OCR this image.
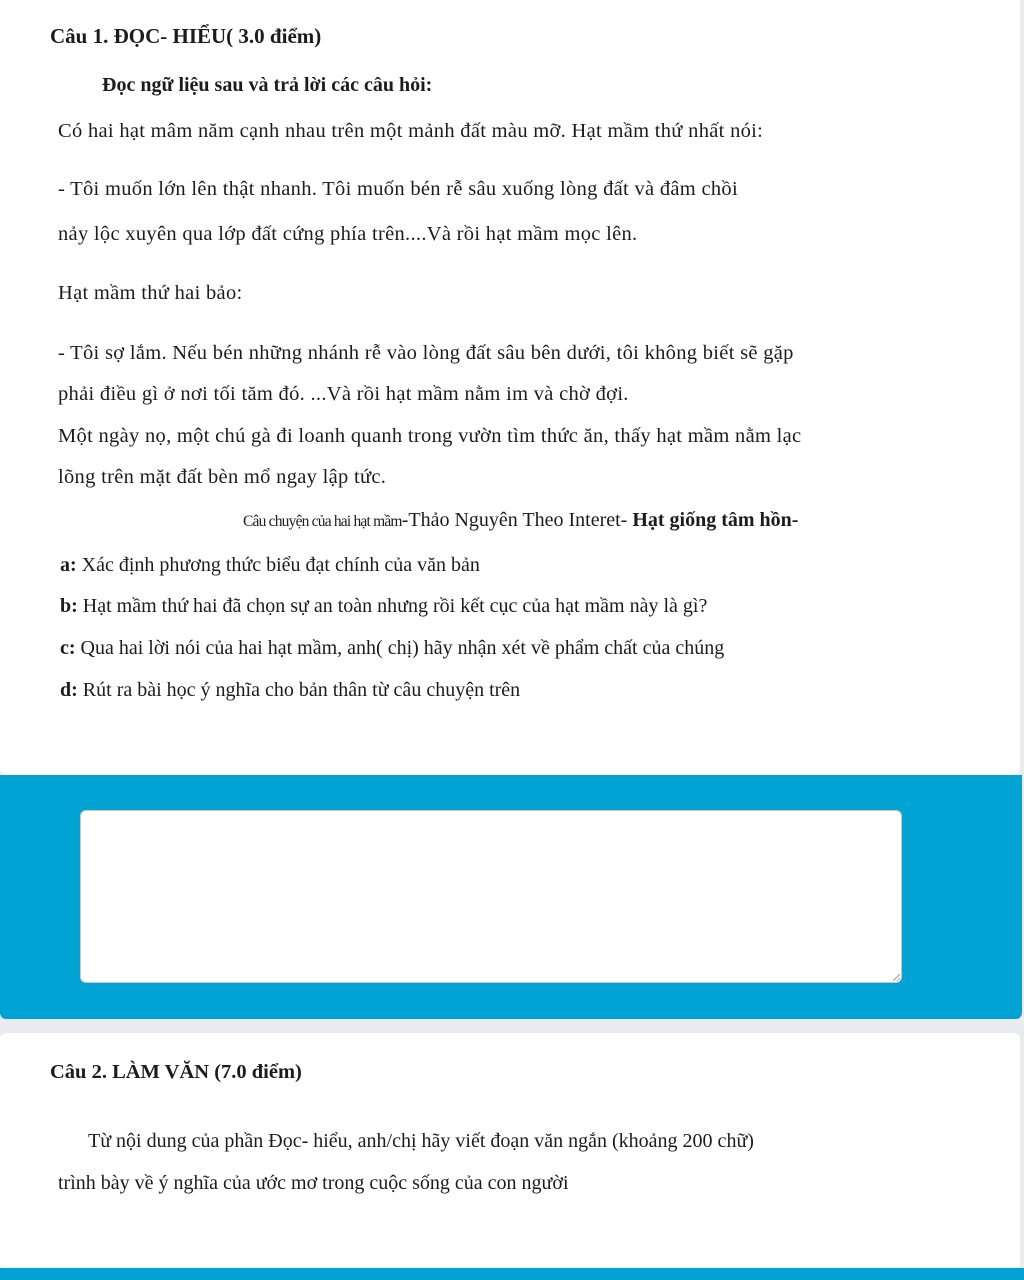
Câu 1. ĐỌC- HIỂU( 3.0 điểm)
Đọc ngữ liệu sau và trả lời các câu hỏi:
Có hai hạt mâm năm cạnh nhau trên một mảnh đất màu mỡ. Hạt mầm thứ nhất nói:
- Tôi muốn lớn lên thật nhanh. Tôi muốn bén rễ sâu xuống lòng đất và đâm chồi
nảy lộc xuyên qua lớp đất cứng phía trên....Và rồi hạt mầm mọc lên.
Hạt mầm thứ hai bảo:
- Tôi sợ lắm. Nếu bén những nhánh rễ vào lòng đất sâu bên dưới, tôi không biết sẽ gặp
phải điều gì ở nơi tối tăm đó. ...Và rồi hạt mầm nằm im và chờ đợi.
Một ngày nọ, một chú gà đi loanh quanh trong vườn tìm thức ăn, thấy hạt mầm nằm lạc
lõng trên mặt đất bèn mổ ngay lập tức.
Câu chuyện của hai hạt mầm-Thảo Nguyên Theo Interet- Hạt giống tâm hồn-
a: Xác định phương thức biểu đạt chính của văn bản
b: Hạt mầm thứ hai đã chọn sự an toàn nhưng rồi kết cục của hạt mầm này là gì?
c: Qua hai lời nói của hai hạt mầm, anh( chị) hãy nhận xét về phẩm chất của chúng
d: Rút ra bài học ý nghĩa cho bản thân từ câu chuyện trên
Câu 2. LÀM VĂN (7.0 điểm)
Từ nội dung của phần Đọc- hiểu, anh/chị hãy viết đoạn văn ngắn (khoảng 200 chữ)
trình bày về ý nghĩa của ước mơ trong cuộc sống của con người
